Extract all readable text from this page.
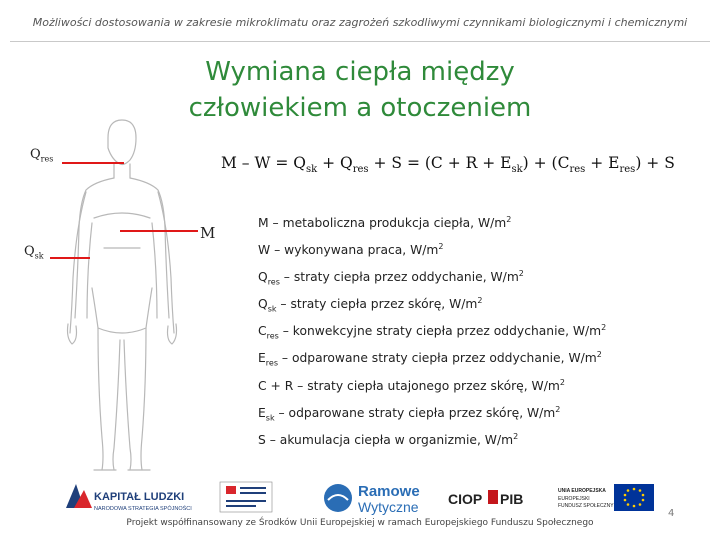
Możliwości dostosowania w zakresie mikroklimatu oraz zagrożeń szkodliwymi czynnikami biologicznymi i chemicznymi
Wymiana ciepła między
człowiekiem a otoczeniem
$Q_{res}$
$Q_{sk}$
M
$M - W = Q_{sk} + Q_{res} + S = (C + R + E_{sk}) + (C_{res} + E_{res}) + S$
M – metaboliczna produkcja ciepła, $W/m^2$
W – wykonywana praca, $W/m^2$
$Q_{res}$ – straty ciepła przez oddychanie, $W/m^2$
$Q_{sk}$ – straty ciepła przez skórę, $W/m^2$
$C_{res}$ – konwekcyjne straty ciepła przez oddychanie, $W/m^2$
$E_{res}$ – odparowane straty ciepła przez oddychanie, $W/m^2$
C + R – straty ciepła utajonego przez skórę, $W/m^2$
$E_{sk}$ – odparowane straty ciepła przez skórę, $W/m^2$
S – akumulacja ciepła w organizmie, $W/m^2$
KAPITAŁ LUDZKI
NARODOWA STRATEGIA SPÓJNOŚCI
Ramowe
Wytyczne CIOP PIB	UNIA EUROPEJSKA
EUROPEJSKI
FUNDUSZ SPOŁECZNY
Projekt współfinansowany ze Środków Unii Europejskiej w ramach Europejskiego Funduszu Społecznego
4
